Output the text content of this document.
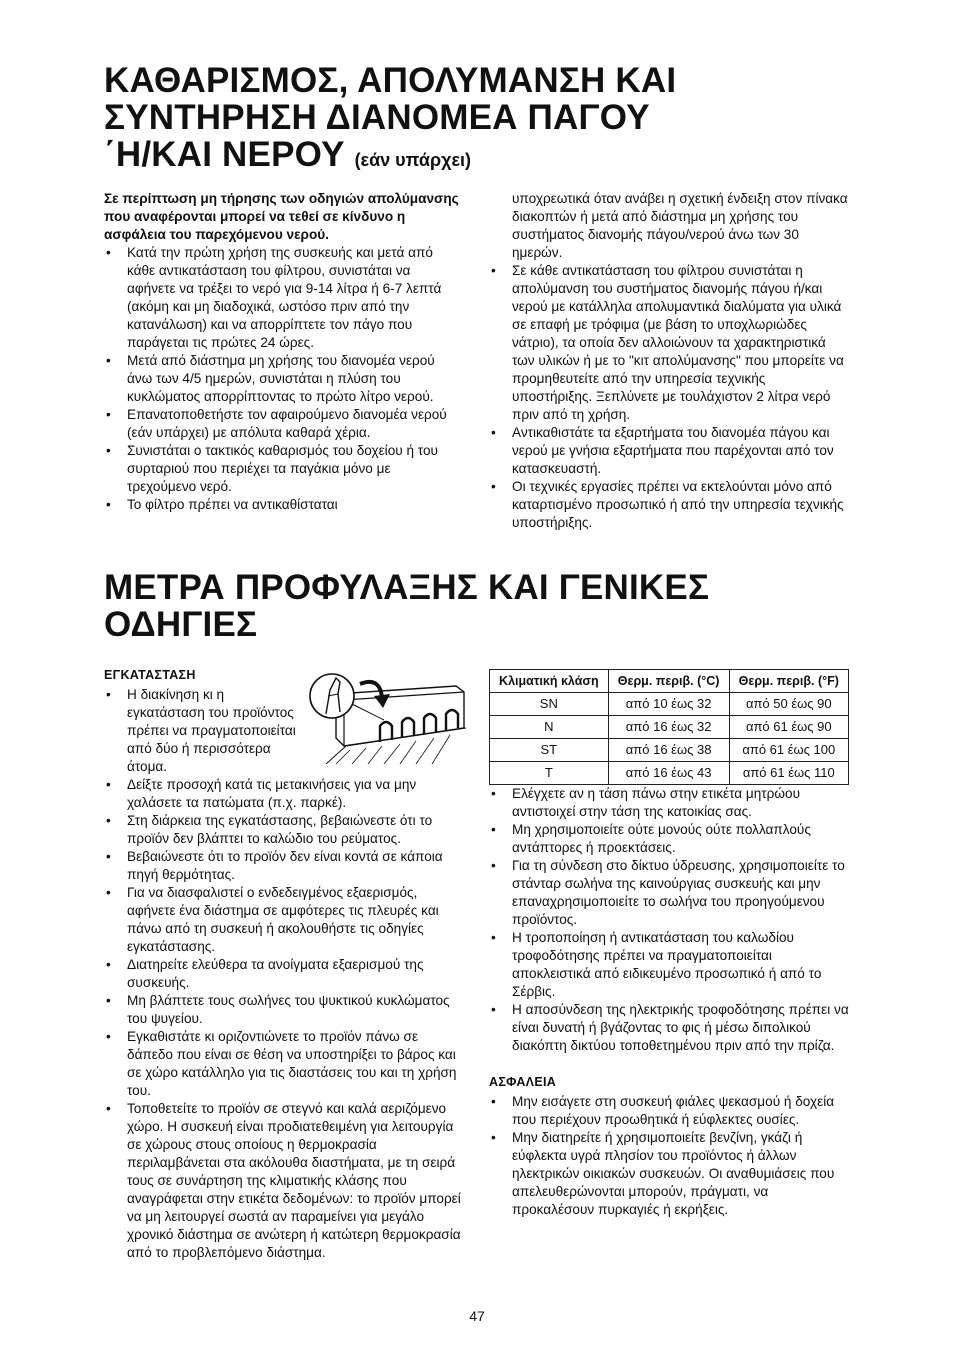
ΚΑΘΑΡΙΣΜΟΣ, ΑΠΟΛΥΜΑΝΣΗ ΚΑΙ
ΣΥΝΤΗΡΗΣΗ ΔΙΑΝΟΜΕΑ ΠΑΓΟΥ
΄Η/ΚΑΙ ΝΕΡΟΥ (εάν υπάρχει)

Σε περίπτωση μη τήρησης των οδηγιών απολύμανσης που αναφέρονται μπορεί να τεθεί σε κίνδυνο η ασφάλεια του παρεχόμενου νερού.

• Κατά την πρώτη χρήση της συσκευής και μετά από κάθε αντικατάσταση του φίλτρου, συνιστάται να αφήνετε να τρέξει το νερό για 9-14 λίτρα ή 6-7 λεπτά (ακόμη και μη διαδοχικά, ωστόσο πριν από την κατανάλωση) και να απορρίπτετε τον πάγο που παράγεται τις πρώτες 24 ώρες.
• Μετά από διάστημα μη χρήσης του διανομέα νερού άνω των 4/5 ημερών, συνιστάται η πλύση του κυκλώματος απορρίπτοντας το πρώτο λίτρο νερού.
• Επανατοποθετήστε τον αφαιρούμενο διανομέα νερού (εάν υπάρχει) με απόλυτα καθαρά χέρια.
• Συνιστάται ο τακτικός καθαρισμός του δοχείου ή του συρταριού που περιέχει τα παγάκια μόνο με τρεχούμενο νερό.
• Το φίλτρο πρέπει να αντικαθίσταται

υποχρεωτικά όταν ανάβει η σχετική ένδειξη στον πίνακα διακοπτών ή μετά από διάστημα μη χρήσης του συστήματος διανομής πάγου/νερού άνω των 30 ημερών.

• Σε κάθε αντικατάσταση του φίλτρου συνιστάται η απολύμανση του συστήματος διανομής πάγου ή/και νερού με κατάλληλα απολυμαντικά διαλύματα για υλικά σε επαφή με τρόφιμα (με βάση το υποχλωριώδες νάτριο), τα οποία δεν αλλοιώνουν τα χαρακτηριστικά των υλικών ή με το "κιτ απολύμανσης" που μπορείτε να προμηθευτείτε από την υπηρεσία τεχνικής υποστήριξης. Ξεπλύνετε με τουλάχιστον 2 λίτρα νερό πριν από τη χρήση.
• Αντικαθιστάτε τα εξαρτήματα του διανομέα πάγου και νερού με γνήσια εξαρτήματα που παρέχονται από τον κατασκευαστή.
• Οι τεχνικές εργασίες πρέπει να εκτελούνται μόνο από καταρτισμένο προσωπικό ή από την υπηρεσία τεχνικής υποστήριξης.
ΜΕΤΡΑ ΠΡΟΦΥΛΑΞΗΣ ΚΑΙ ΓΕΝΙΚΕΣ
ΟΔΗΓΙΕΣ
ΕΓΚΑΤΑΣΤΑΣΗ
• Η διακίνηση κι η εγκατάσταση του προϊόντος πρέπει να πραγματοποιείται από δύο ή περισσότερα άτομα.
• Δείξτε προσοχή κατά τις μετακινήσεις για να μην χαλάσετε τα πατώματα (π.χ. παρκέ).
• Στη διάρκεια της εγκατάστασης, βεβαιώνεστε ότι το προϊόν δεν βλάπτει το καλώδιο του ρεύματος.
• Βεβαιώνεστε ότι το προϊόν δεν είναι κοντά σε κάποια πηγή θερμότητας.
• Για να διασφαλιστεί ο ενδεδειγμένος εξαερισμός, αφήνετε ένα διάστημα σε αμφότερες τις πλευρές και πάνω από τη συσκευή ή ακολουθήστε τις οδηγίες εγκατάστασης.
• Διατηρείτε ελεύθερα τα ανοίγματα εξαερισμού της συσκευής.
• Μη βλάπτετε τους σωλήνες του ψυκτικού κυκλώματος του ψυγείου.
• Εγκαθιστάτε κι οριζοντιώνετε το προϊόν πάνω σε δάπεδο που είναι σε θέση να υποστηρίξει το βάρος και σε χώρο κατάλληλο για τις διαστάσεις του και τη χρήση του.
• Τοποθετείτε το προϊόν σε στεγνό και καλά αεριζόμενο χώρο. Η συσκευή είναι προδιατεθειμένη για λειτουργία σε χώρους στους οποίους η θερμοκρασία περιλαμβάνεται στα ακόλουθα διαστήματα, με τη σειρά τους σε συνάρτηση της κλιματικής κλάσης που αναγράφεται στην ετικέτα δεδομένων: το προϊόν μπορεί να μη λειτουργεί σωστά αν παραμείνει για μεγάλο χρονικό διάστημα σε ανώτερη ή κατώτερη θερμοκρασία από το προβλεπόμενο διάστημα.
Κλιματική κλάση	Θερμ. περιβ. (°C)	Θερμ. περιβ. (°F)
SN	από 10 έως 32	από 50 έως 90
N	από 16 έως 32	από 61 έως 90
ST	από 16 έως 38	από 61 έως 100
T	από 16 έως 43	από 61 έως 110
• Ελέγχετε αν η τάση πάνω στην ετικέτα μητρώου αντιστοιχεί στην τάση της κατοικίας σας.
• Μη χρησιμοποιείτε ούτε μονούς ούτε πολλαπλούς αντάπτορες ή προεκτάσεις.
• Για τη σύνδεση στο δίκτυο ύδρευσης, χρησιμοποιείτε το στάνταρ σωλήνα της καινούργιας συσκευής και μην επαναχρησιμοποιείτε το σωλήνα του προηγούμενου προϊόντος.
• Η τροποποίηση ή αντικατάσταση του καλωδίου τροφοδότησης πρέπει να πραγματοποιείται αποκλειστικά από ειδικευμένο προσωπικό ή από το Σέρβις.
• Η αποσύνδεση της ηλεκτρικής τροφοδότησης πρέπει να είναι δυνατή ή βγάζοντας το φις ή μέσω διπολικού διακόπτη δικτύου τοποθετημένου πριν από την πρίζα.
ΑΣΦΑΛΕΙΑ
• Μην εισάγετε στη συσκευή φιάλες ψεκασμού ή δοχεία που περιέχουν προωθητικά ή εύφλεκτες ουσίες.
• Μην διατηρείτε ή χρησιμοποιείτε βενζίνη, γκάζι ή εύφλεκτα υγρά πλησίον του προϊόντος ή άλλων ηλεκτρικών οικιακών συσκευών. Οι αναθυμιάσεις που απελευθερώνονται μπορούν, πράγματι, να προκαλέσουν πυρκαγιές ή εκρήξεις.
47
